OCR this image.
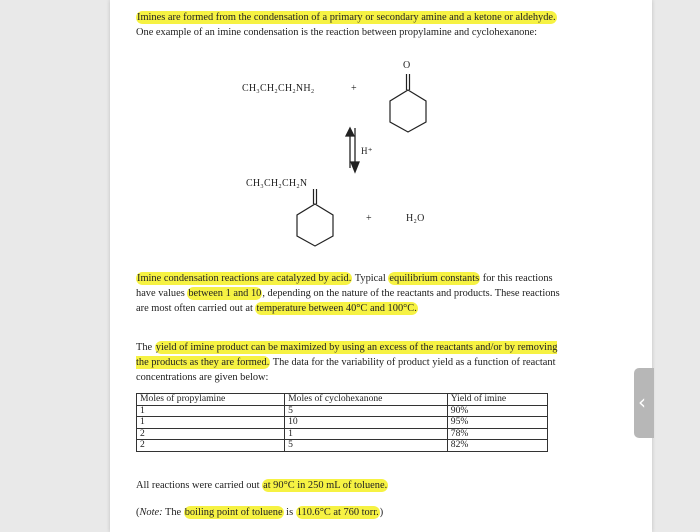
Imines are formed from the condensation of a primary or secondary amine and a ketone or aldehyde. One example of an imine condensation is the reaction between propylamine and cyclohexanone:
CH₃CH₂CH₂NH₂	+
O
H⁺
CH₃CH₂CH₂N
+	H₂O
Imine condensation reactions are catalyzed by acid. Typical equilibrium constants for this reactions have values between 1 and 10, depending on the nature of the reactants and products. These reactions are most often carried out at temperature between 40°C and 100°C.
The yield of imine product can be maximized by using an excess of the reactants and/or by removing the products as they are formed. The data for the variability of product yield as a function of reactant concentrations are given below:
Moles of propylamine	Moles of cyclohexanone	Yield of imine
1	5	90%
1	10	95%
2	1	78%
2	5	82%
All reactions were carried out at 90°C in 250 mL of toluene.
(Note: The boiling point of toluene is 110.6°C at 760 torr.)
‹
